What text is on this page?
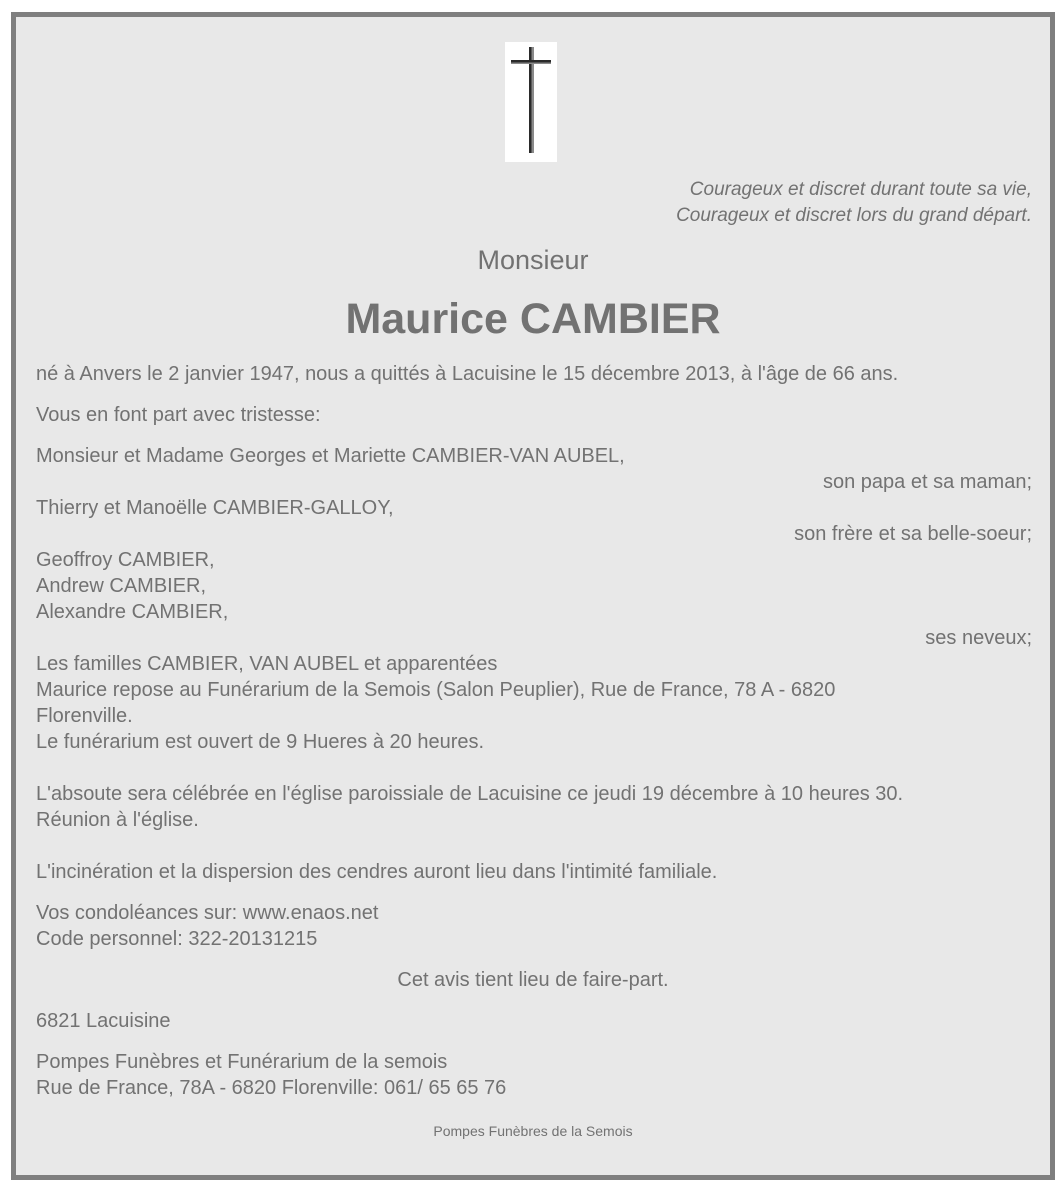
Courageux et discret durant toute sa vie,

Courageux et discret lors du grand départ.

Monsieur

Maurice CAMBIER

né à Anvers le 2 janvier 1947, nous a quittés à Lacuisine le 15 décembre 2013, à l'âge de 66 ans.

Vous en font part avec tristesse:

Monsieur et Madame Georges et Mariette CAMBIER-VAN AUBEL,

son papa et sa maman;

Thierry et Manoëlle CAMBIER-GALLOY,

son frère et sa belle-soeur;

Geoffroy CAMBIER,

Andrew CAMBIER,

Alexandre CAMBIER,

ses neveux;

Les familles CAMBIER, VAN AUBEL et apparentées

Maurice repose au Funérarium de la Semois (Salon Peuplier), Rue de France, 78 A - 6820

Florenville.

Le funérarium est ouvert de 9 Hueres à 20 heures.

L'absoute sera célébrée en l'église paroissiale de Lacuisine ce jeudi 19 décembre à 10 heures 30.

Réunion à l'église.

L'incinération et la dispersion des cendres auront lieu dans l'intimité familiale.

Vos condoléances sur: www.enaos.net

Code personnel: 322-20131215

Cet avis tient lieu de faire-part.

6821 Lacuisine

Pompes Funèbres et Funérarium de la semois

Rue de France, 78A - 6820 Florenville: 061/ 65 65 76

Pompes Funèbres de la Semois
